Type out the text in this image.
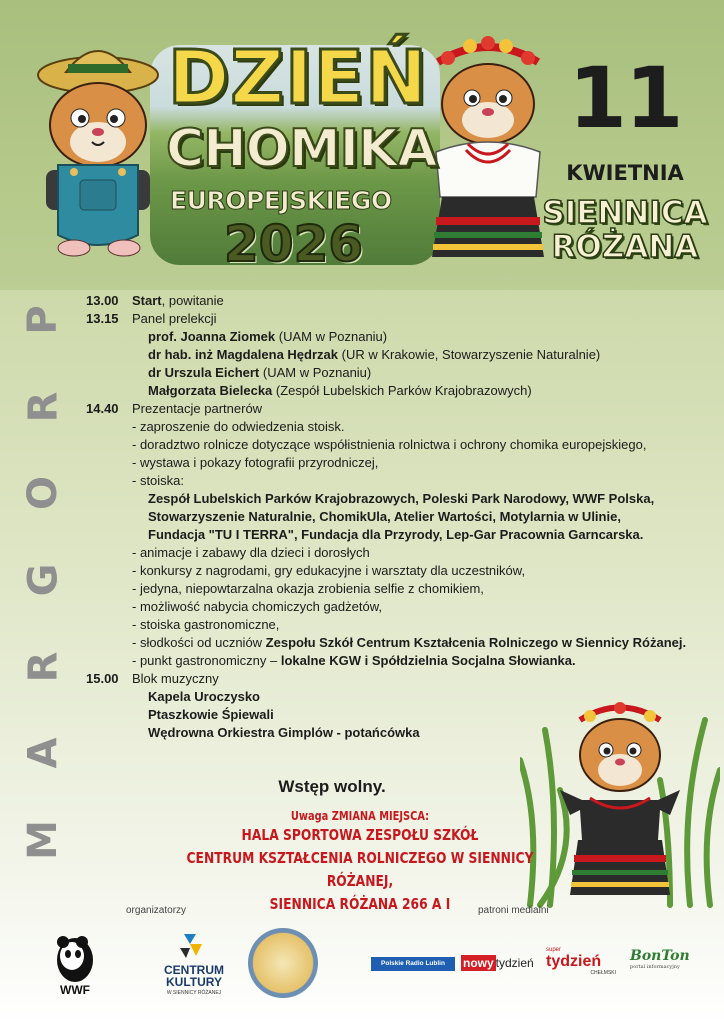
DZIEŃ
CHOMIKA
EUROPEJSKIEGO
2026
11
KWIETNIA
SIENNICA
RÓŻANA
P
R
O
G
R
A
M
13.00 Start, powitanie
13.15 Panel prelekcji
prof. Joanna Ziomek (UAM w Poznaniu)
dr hab. inż Magdalena Hędrzak (UR w Krakowie, Stowarzyszenie Naturalnie)
dr Urszula Eichert (UAM w Poznaniu)
Małgorzata Bielecka (Zespół Lubelskich Parków Krajobrazowych)
14.40 Prezentacje partnerów
- zaproszenie do odwiedzenia stoisk.
- doradztwo rolnicze dotyczące współistnienia rolnictwa i ochrony chomika europejskiego,
- wystawa i pokazy fotografii przyrodniczej,
- stoiska:
Zespół Lubelskich Parków Krajobrazowych, Poleski Park Narodowy, WWF Polska,
Stowarzyszenie Naturalnie, ChomikUla, Atelier Wartości, Motylarnia w Ulinie,
Fundacja "TU I TERRA", Fundacja dla Przyrody, Lep-Gar Pracownia Garncarska.
- animacje i zabawy dla dzieci i dorosłych
- konkursy z nagrodami, gry edukacyjne i warsztaty dla uczestników,
- jedyna, niepowtarzalna okazja zrobienia selfie z chomikiem,
- możliwość nabycia chomiczych gadżetów,
- stoiska gastronomiczne,
- słodkości od uczniów Zespołu Szkół Centrum Kształcenia Rolniczego w Siennicy Różanej.
- punkt gastronomiczny – lokalne KGW i Spółdzielnia Socjalna Słowianka.
15.00 Blok muzyczny
Kapela Uroczysko
Ptaszkowie Śpiewali
Wędrowna Orkiestra Gimplów - potańcówka
Wstęp wolny.
Uwaga ZMIANA MIEJSCA:
HALA SPORTOWA ZESPOŁU SZKÓŁ
CENTRUM KSZTAŁCENIA ROLNICZEGO W SIENNICY RÓŻANEJ,
SIENNICA RÓŻANA 266 A I
organizatorzy	patroni medialni
WWF
CENTRUM
KULTURY
W SIENNICY RÓŻANEJ
Polskie Radio Lublin	nowy tydzień
super
tydzień
CHEŁMSKI
BonTon
portal informacyjny
